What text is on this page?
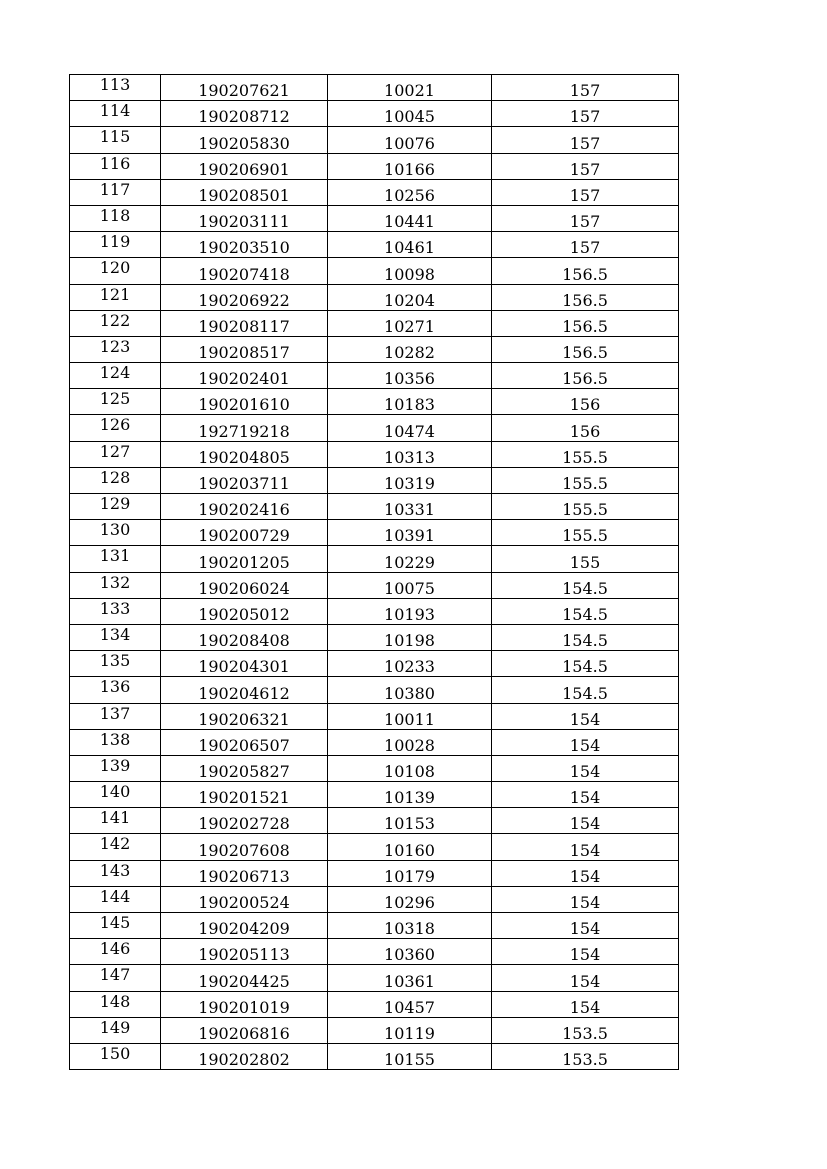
113	190207621	10021	157
114	190208712	10045	157
115	190205830	10076	157
116	190206901	10166	157
117	190208501	10256	157
118	190203111	10441	157
119	190203510	10461	157
120	190207418	10098	156.5
121	190206922	10204	156.5
122	190208117	10271	156.5
123	190208517	10282	156.5
124	190202401	10356	156.5
125	190201610	10183	156
126	192719218	10474	156
127	190204805	10313	155.5
128	190203711	10319	155.5
129	190202416	10331	155.5
130	190200729	10391	155.5
131	190201205	10229	155
132	190206024	10075	154.5
133	190205012	10193	154.5
134	190208408	10198	154.5
135	190204301	10233	154.5
136	190204612	10380	154.5
137	190206321	10011	154
138	190206507	10028	154
139	190205827	10108	154
140	190201521	10139	154
141	190202728	10153	154
142	190207608	10160	154
143	190206713	10179	154
144	190200524	10296	154
145	190204209	10318	154
146	190205113	10360	154
147	190204425	10361	154
148	190201019	10457	154
149	190206816	10119	153.5
150	190202802	10155	153.5
